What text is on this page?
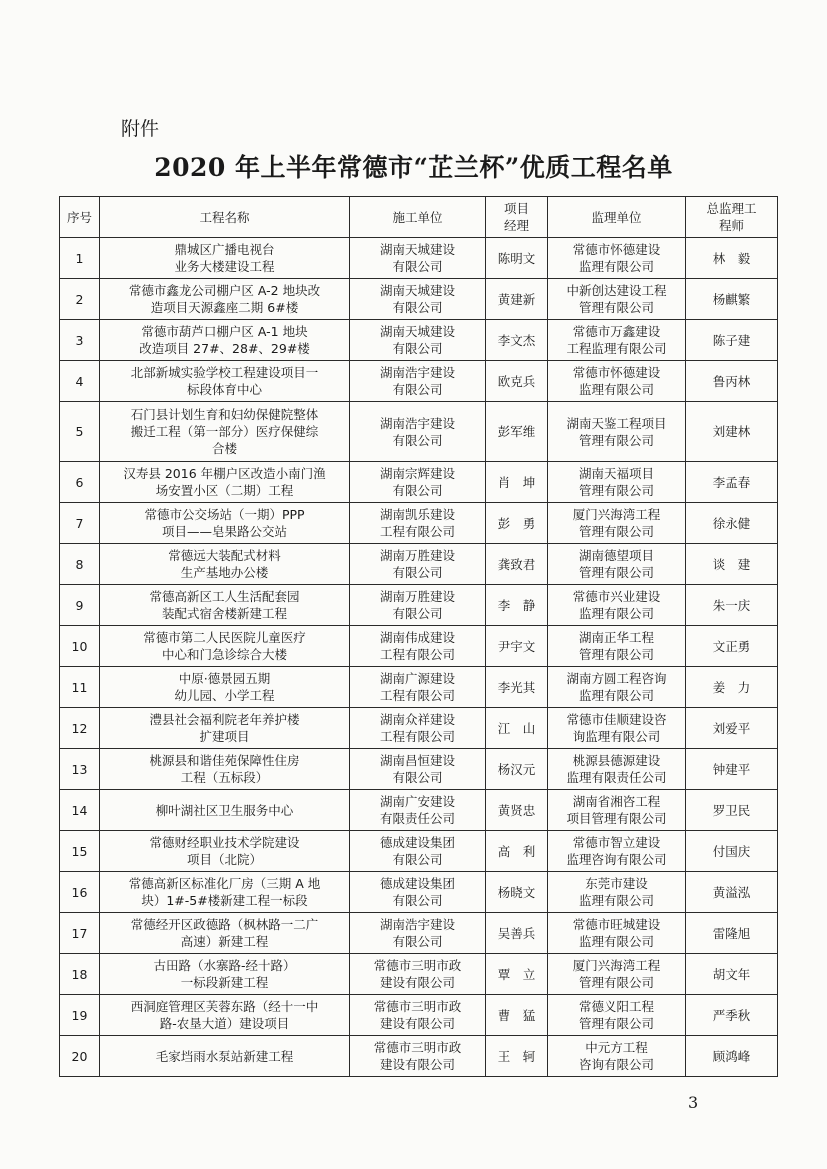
附件
2020 年上半年常德市“芷兰杯”优质工程名单
序号	工程名称	施工单位	项目
经理	监理单位	总监理工
程师

1	鼎城区广播电视台
业务大楼建设工程	湖南天城建设
有限公司	陈明文	常德市怀德建设
监理有限公司	林　毅
2	常德市鑫龙公司棚户区 A-2 地块改
造项目天源鑫座二期 6#楼	湖南天城建设
有限公司	黄建新	中新创达建设工程
管理有限公司	杨麒繁
3	常德市葫芦口棚户区 A-1 地块
改造项目 27#、28#、29#楼	湖南天城建设
有限公司	李文杰	常德市万鑫建设
工程监理有限公司	陈子建
4	北部新城实验学校工程建设项目一
标段体育中心	湖南浩宇建设
有限公司	欧克兵	常德市怀德建设
监理有限公司	鲁丙林
5	石门县计划生育和妇幼保健院整体
搬迁工程（第一部分）医疗保健综
合楼	湖南浩宇建设
有限公司	彭军维	湖南天鉴工程项目
管理有限公司	刘建林
6	汉寿县 2016 年棚户区改造小南门渔
场安置小区（二期）工程	湖南宗辉建设
有限公司	肖　坤	湖南天福项目
管理有限公司	李孟春
7	常德市公交场站（一期）PPP
项目——皂果路公交站	湖南凯乐建设
工程有限公司	彭　勇	厦门兴海湾工程
管理有限公司	徐永健
8	常德远大装配式材料
生产基地办公楼	湖南万胜建设
有限公司	龚致君	湖南德望项目
管理有限公司	谈　建
9	常德高新区工人生活配套园
装配式宿舍楼新建工程	湖南万胜建设
有限公司	李　静	常德市兴业建设
监理有限公司	朱一庆
10	常德市第二人民医院儿童医疗
中心和门急诊综合大楼	湖南伟成建设
工程有限公司	尹宇文	湖南正华工程
管理有限公司	文正勇
11	中原·德景园五期
幼儿园、小学工程	湖南广源建设
工程有限公司	李光其	湖南方圆工程咨询
监理有限公司	姜　力
12	澧县社会福利院老年养护楼
扩建项目	湖南众祥建设
工程有限公司	江　山	常德市佳顺建设咨
询监理有限公司	刘爱平
13	桃源县和谐佳苑保障性住房
工程（五标段）	湖南昌恒建设
有限公司	杨汉元	桃源县德源建设
监理有限责任公司	钟建平
14	柳叶湖社区卫生服务中心	湖南广安建设
有限责任公司	黄贤忠	湖南省湘咨工程
项目管理有限公司	罗卫民
15	常德财经职业技术学院建设
项目（北院）	德成建设集团
有限公司	高　利	常德市智立建设
监理咨询有限公司	付国庆
16	常德高新区标准化厂房（三期 A 地
块）1#-5#楼新建工程一标段	德成建设集团
有限公司	杨晓文	东莞市建设
监理有限公司	黄溢泓
17	常德经开区政德路（枫林路一二广
高速）新建工程	湖南浩宇建设
有限公司	吴善兵	常德市旺城建设
监理有限公司	雷隆旭
18	古田路（水寨路-经十路）
一标段新建工程	常德市三明市政
建设有限公司	覃　立	厦门兴海湾工程
管理有限公司	胡文年
19	西洞庭管理区芙蓉东路（经十一中
路-农垦大道）建设项目	常德市三明市政
建设有限公司	曹　猛	常德义阳工程
管理有限公司	严季秋
20	毛家垱雨水泵站新建工程	常德市三明市政
建设有限公司	王　轲	中元方工程
咨询有限公司	顾鸿峰
3
